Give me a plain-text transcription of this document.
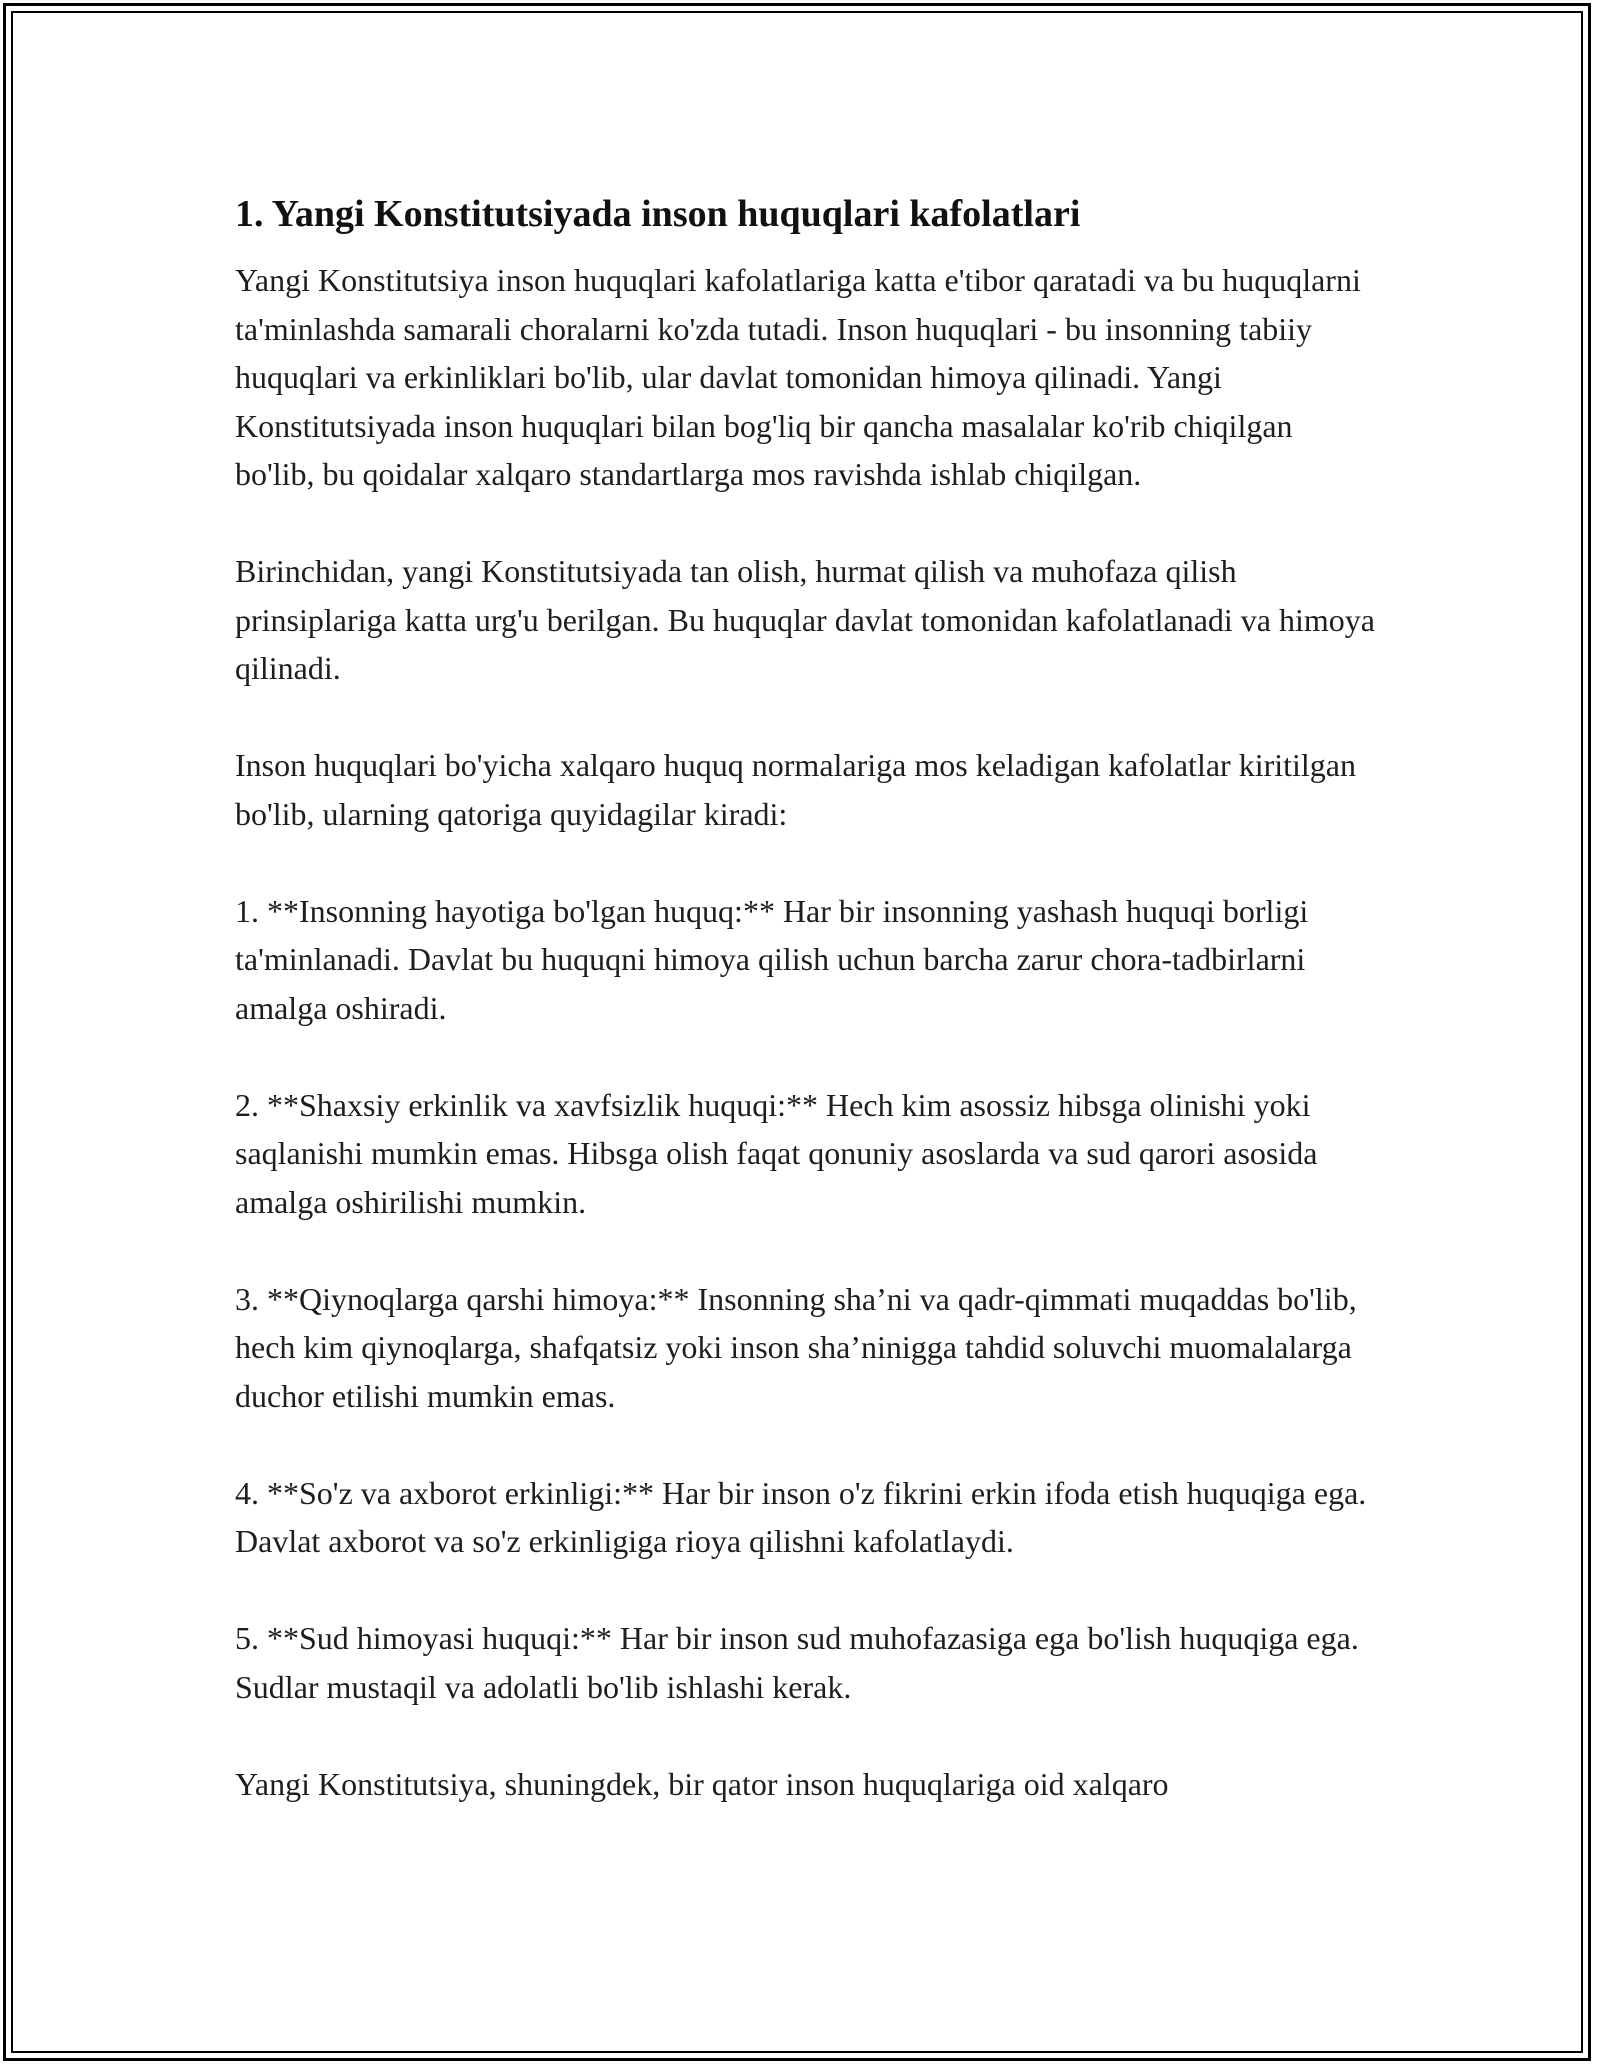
1. Yangi Konstitutsiyada inson huquqlari kafolatlari

Yangi Konstitutsiya inson huquqlari kafolatlariga katta e'tibor qaratadi va bu huquqlarni ta'minlashda samarali choralarni ko'zda tutadi. Inson huquqlari - bu insonning tabiiy huquqlari va erkinliklari bo'lib, ular davlat tomonidan himoya qilinadi. Yangi Konstitutsiyada inson huquqlari bilan bog'liq bir qancha masalalar ko'rib chiqilgan bo'lib, bu qoidalar xalqaro standartlarga mos ravishda ishlab chiqilgan.

Birinchidan, yangi Konstitutsiyada tan olish, hurmat qilish va muhofaza qilish prinsiplariga katta urg'u berilgan. Bu huquqlar davlat tomonidan kafolatlanadi va himoya qilinadi.

Inson huquqlari bo'yicha xalqaro huquq normalariga mos keladigan kafolatlar kiritilgan bo'lib, ularning qatoriga quyidagilar kiradi:

1. **Insonning hayotiga bo'lgan huquq:** Har bir insonning yashash huquqi borligi ta'minlanadi. Davlat bu huquqni himoya qilish uchun barcha zarur chora-tadbirlarni amalga oshiradi.

2. **Shaxsiy erkinlik va xavfsizlik huquqi:** Hech kim asossiz hibsga olinishi yoki saqlanishi mumkin emas. Hibsga olish faqat qonuniy asoslarda va sud qarori asosida amalga oshirilishi mumkin.

3. **Qiynoqlarga qarshi himoya:** Insonning sha’ni va qadr-qimmati muqaddas bo'lib, hech kim qiynoqlarga, shafqatsiz yoki inson sha’ninigga tahdid soluvchi muomalalarga duchor etilishi mumkin emas.

4. **So'z va axborot erkinligi:** Har bir inson o'z fikrini erkin ifoda etish huquqiga ega. Davlat axborot va so'z erkinligiga rioya qilishni kafolatlaydi.

5. **Sud himoyasi huquqi:** Har bir inson sud muhofazasiga ega bo'lish huquqiga ega. Sudlar mustaqil va adolatli bo'lib ishlashi kerak.

Yangi Konstitutsiya, shuningdek, bir qator inson huquqlariga oid xalqaro
